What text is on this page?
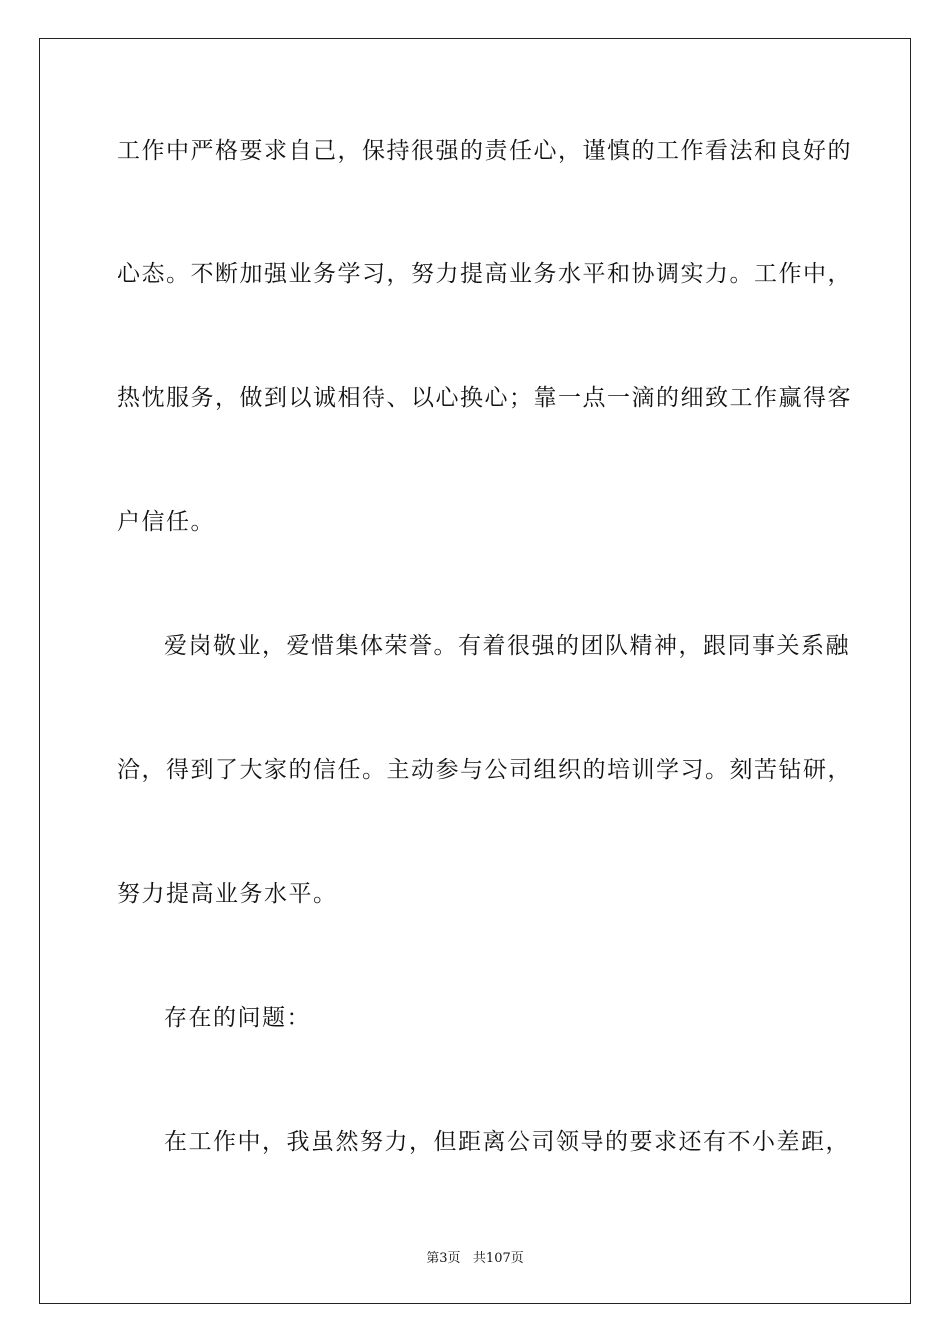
工作中严格要求自己，保持很强的责任心，谨慎的工作看法和良好的
心态。不断加强业务学习，努力提高业务水平和协调实力。工作中，
热忱服务，做到以诚相待、以心换心；靠一点一滴的细致工作赢得客
户信任。
爱岗敬业，爱惜集体荣誉。有着很强的团队精神，跟同事关系融
洽，得到了大家的信任。主动参与公司组织的培训学习。刻苦钻研，
努力提高业务水平。
存在的问题：
在工作中，我虽然努力，但距离公司领导的要求还有不小差距，
第3页   共107页
